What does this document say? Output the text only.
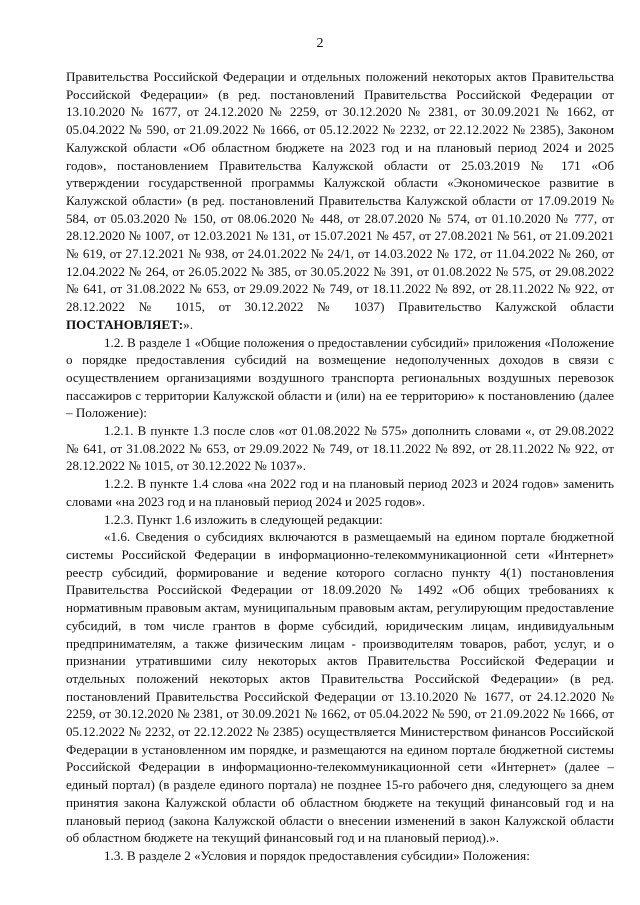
2

Правительства Российской Федерации и отдельных положений некоторых актов Правительства Российской Федерации» (в ред. постановлений Правительства Российской Федерации от 13.10.2020 № 1677, от 24.12.2020 № 2259, от 30.12.2020 № 2381, от 30.09.2021 № 1662, от 05.04.2022 № 590, от 21.09.2022 № 1666, от 05.12.2022 № 2232, от 22.12.2022 № 2385), Законом Калужской области «Об областном бюджете на 2023 год и на плановый период 2024 и 2025 годов», постановлением Правительства Калужской области от 25.03.2019 № 171 «Об утверждении государственной программы Калужской области «Экономическое развитие в Калужской области» (в ред. постановлений Правительства Калужской области от 17.09.2019 № 584, от 05.03.2020 № 150, от 08.06.2020 № 448, от 28.07.2020 № 574, от 01.10.2020 № 777, от 28.12.2020 № 1007, от 12.03.2021 № 131, от 15.07.2021 № 457, от 27.08.2021 № 561, от 21.09.2021 № 619, от 27.12.2021 № 938, от 24.01.2022 № 24/1, от 14.03.2022 № 172, от 11.04.2022 № 260, от 12.04.2022 № 264, от 26.05.2022 № 385, от 30.05.2022 № 391, от 01.08.2022 № 575, от 29.08.2022 № 641, от 31.08.2022 № 653, от 29.09.2022 № 749, от 18.11.2022 № 892, от 28.11.2022 № 922, от 28.12.2022 № 1015, от 30.12.2022 № 1037) Правительство Калужской области ПОСТАНОВЛЯЕТ:».

1.2. В разделе 1 «Общие положения о предоставлении субсидий» приложения «Положение о порядке предоставления субсидий на возмещение недополученных доходов в связи с осуществлением организациями воздушного транспорта региональных воздушных перевозок пассажиров с территории Калужской области и (или) на ее территорию» к постановлению (далее – Положение):

1.2.1. В пункте 1.3 после слов «от 01.08.2022 № 575» дополнить словами «, от 29.08.2022 № 641, от 31.08.2022 № 653, от 29.09.2022 № 749, от 18.11.2022 № 892, от 28.11.2022 № 922, от 28.12.2022 № 1015, от 30.12.2022 № 1037».

1.2.2. В пункте 1.4 слова «на 2022 год и на плановый период 2023 и 2024 годов» заменить словами «на 2023 год и на плановый период 2024 и 2025 годов».

1.2.3. Пункт 1.6 изложить в следующей редакции:

«1.6. Сведения о субсидиях включаются в размещаемый на едином портале бюджетной системы Российской Федерации в информационно-телекоммуникационной сети «Интернет» реестр субсидий, формирование и ведение которого согласно пункту 4(1) постановления Правительства Российской Федерации от 18.09.2020 № 1492 «Об общих требованиях к нормативным правовым актам, муниципальным правовым актам, регулирующим предоставление субсидий, в том числе грантов в форме субсидий, юридическим лицам, индивидуальным предпринимателям, а также физическим лицам - производителям товаров, работ, услуг, и о признании утратившими силу некоторых актов Правительства Российской Федерации и отдельных положений некоторых актов Правительства Российской Федерации» (в ред. постановлений Правительства Российской Федерации от 13.10.2020 № 1677, от 24.12.2020 № 2259, от 30.12.2020 № 2381, от 30.09.2021 № 1662, от 05.04.2022 № 590, от 21.09.2022 № 1666, от 05.12.2022 № 2232, от 22.12.2022 № 2385) осуществляется Министерством финансов Российской Федерации в установленном им порядке, и размещаются на едином портале бюджетной системы Российской Федерации в информационно-телекоммуникационной сети «Интернет» (далее – единый портал) (в разделе единого портала) не позднее 15-го рабочего дня, следующего за днем принятия закона Калужской области об областном бюджете на текущий финансовый год и на плановый период (закона Калужской области о внесении изменений в закон Калужской области об областном бюджете на текущий финансовый год и на плановый период).».

1.3. В разделе 2 «Условия и порядок предоставления субсидии» Положения:
